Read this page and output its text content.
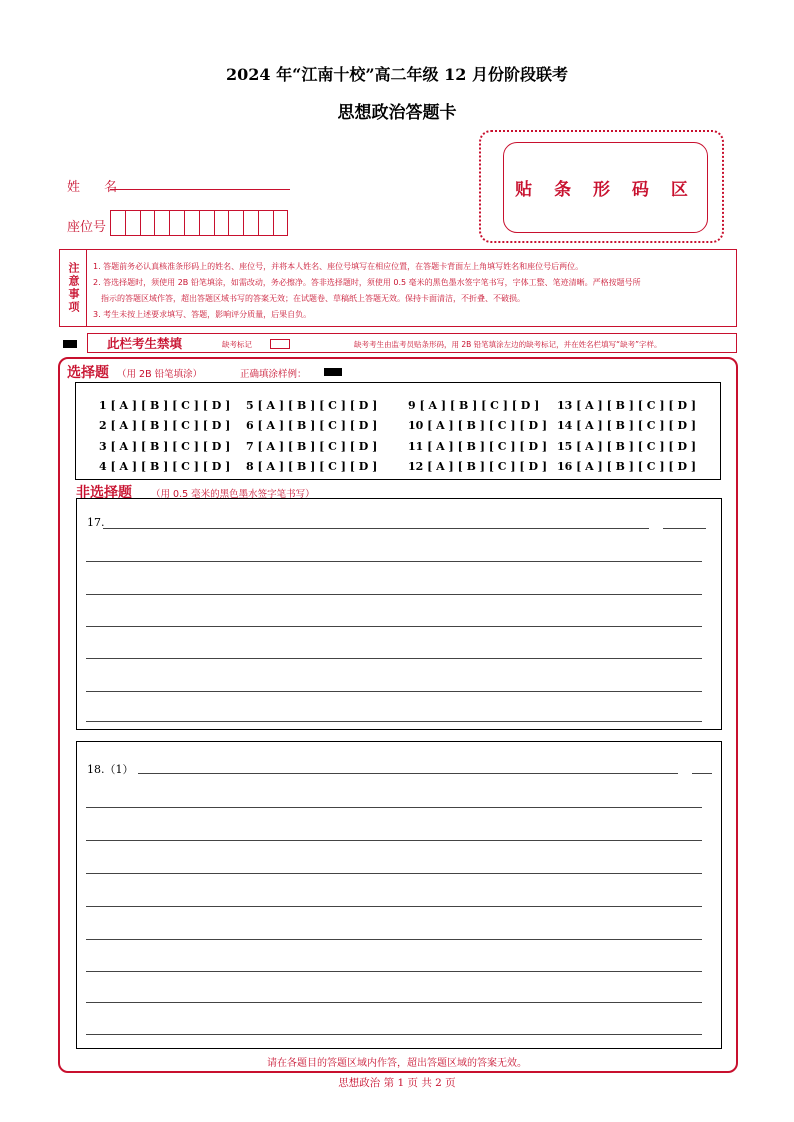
2024 年“江南十校”高二年级 12 月份阶段联考
思想政治答题卡
贴 条 形 码 区
姓 名
座位号
注意事项 1. 答题前务必认真核准条形码上的姓名、座位号，并将本人姓名、座位号填写在相应位置，在答题卡背面左上角填写姓名和座位号后两位。
2. 答选择题时，须使用 2B 铅笔填涂，如需改动，务必擦净。答非选择题时，须使用 0.5 毫米的黑色墨水签字笔书写，字体工整、笔迹清晰。严格按题号所
指示的答题区域作答，超出答题区域书写的答案无效；在试题卷、草稿纸上答题无效。保持卡面清洁，不折叠、不破损。
3. 考生未按上述要求填写、答题，影响评分质量，后果自负。
此栏考生禁填	缺考标记	缺考考生由监考员贴条形码，用 2B 铅笔填涂左边的缺考标记，并在姓名栏填写“缺考”字样。
选择题 （用 2B 铅笔填涂）	正确填涂样例：
1 [ A ] [ B ] [ C ] [ D ] 5 [ A ] [ B ] [ C ] [ D ]	9 [ A ] [ B ] [ C ] [ D ] 13 [ A ] [ B ] [ C ] [ D ]
2 [ A ] [ B ] [ C ] [ D ] 6 [ A ] [ B ] [ C ] [ D ]	10 [ A ] [ B ] [ C ] [ D ] 14 [ A ] [ B ] [ C ] [ D ]
3 [ A ] [ B ] [ C ] [ D ] 7 [ A ] [ B ] [ C ] [ D ]	11 [ A ] [ B ] [ C ] [ D ] 15 [ A ] [ B ] [ C ] [ D ]
4 [ A ] [ B ] [ C ] [ D ] 8 [ A ] [ B ] [ C ] [ D ]	12 [ A ] [ B ] [ C ] [ D ] 16 [ A ] [ B ] [ C ] [ D ]
非选择题 （用 0.5 毫米的黑色墨水签字笔书写）
17.
18.（1）
请在各题目的答题区域内作答，超出答题区域的答案无效。
思想政治 第 1 页 共 2 页
